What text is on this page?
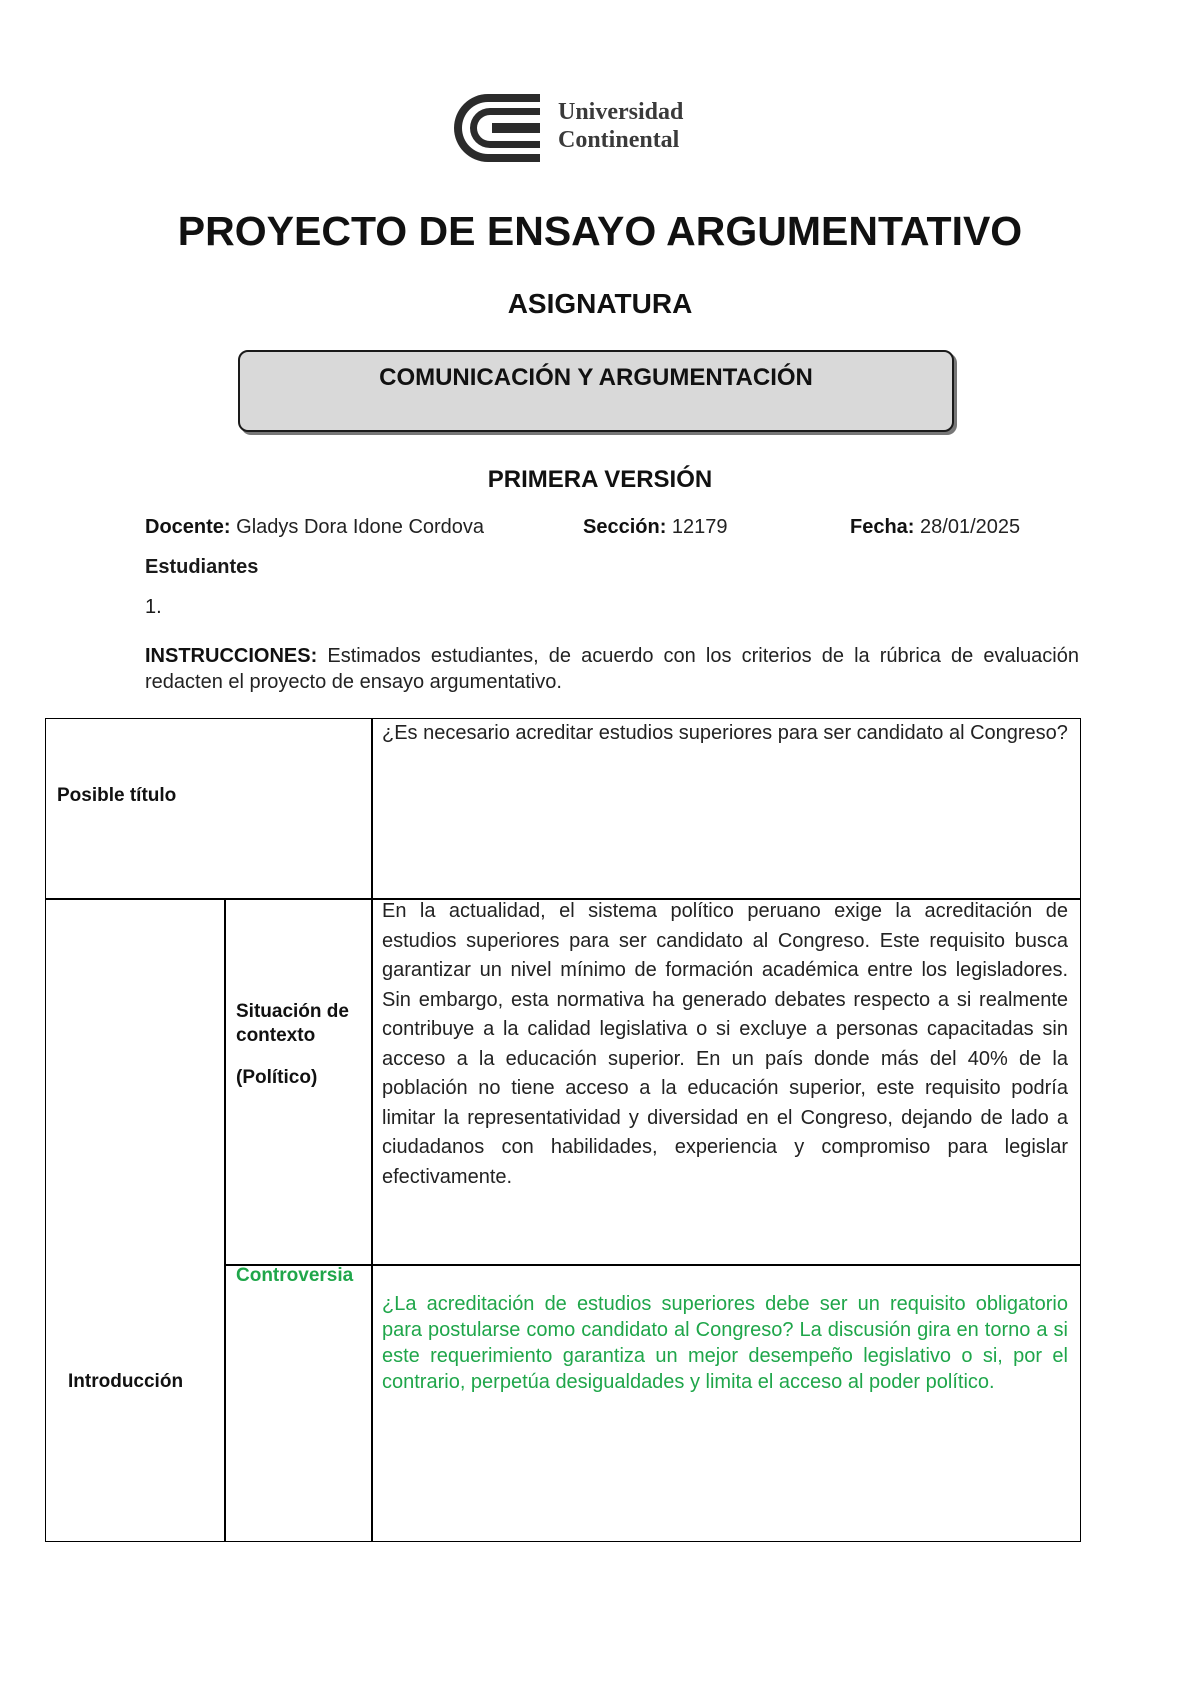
Universidad
Continental
PROYECTO DE ENSAYO ARGUMENTATIVO
ASIGNATURA
COMUNICACIÓN Y ARGUMENTACIÓN
PRIMERA VERSIÓN
Docente: Gladys Dora Idone Cordova	Sección: 12179	Fecha: 28/01/2025
Estudiantes
1.
INSTRUCCIONES: Estimados estudiantes, de acuerdo con los criterios de la rúbrica de evaluación redacten el proyecto de ensayo argumentativo.
Posible título
¿Es necesario acreditar estudios superiores para ser candidato al Congreso?
Introducción
Situación de contexto
(Político)
En la actualidad, el sistema político peruano exige la acreditación de estudios superiores para ser candidato al Congreso. Este requisito busca garantizar un nivel mínimo de formación académica entre los legisladores. Sin embargo, esta normativa ha generado debates respecto a si realmente contribuye a la calidad legislativa o si excluye a personas capacitadas sin acceso a la educación superior. En un país donde más del 40% de la población no tiene acceso a la educación superior, este requisito podría limitar la representatividad y diversidad en el Congreso, dejando de lado a ciudadanos con habilidades, experiencia y compromiso para legislar efectivamente.
Controversia
¿La acreditación de estudios superiores debe ser un requisito obligatorio para postularse como candidato al Congreso? La discusión gira en torno a si este requerimiento garantiza un mejor desempeño legislativo o si, por el contrario, perpetúa desigualdades y limita el acceso al poder político.
